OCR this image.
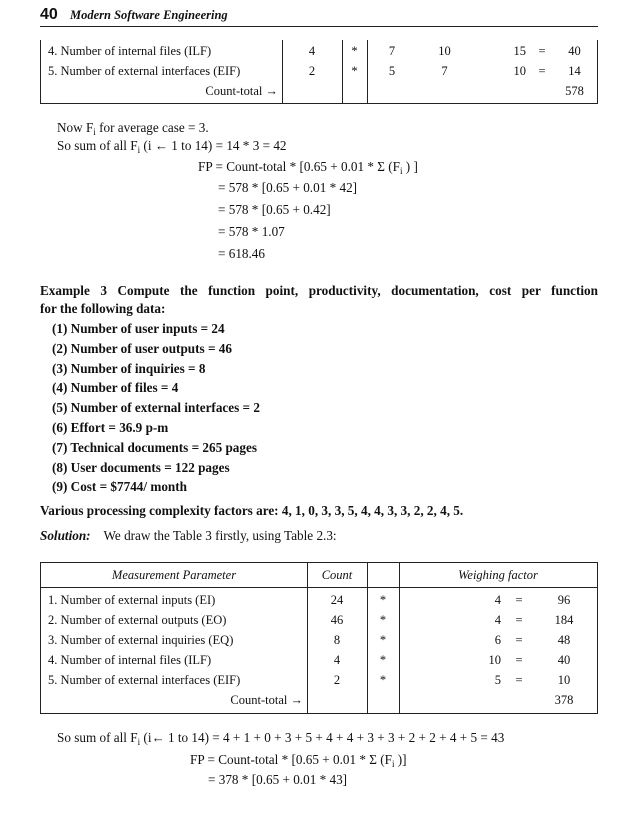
40 Modern Software Engineering
4. Number of internal files (ILF)	4	*	7	10	15	=	40
5. Number of external interfaces (EIF)	2	*	5	7	10	=	14
Count-total →							578
Now $F_i$ for average case = 3.
So sum of all $F_i$ (i ← 1 to 14) = 14 * 3 = 42
FP = Count-total * [0.65 + 0.01 * Σ ($F_i$ ) ]
= 578 * [0.65 + 0.01 * 42]
= 578 * [0.65 + 0.42]
= 578 * 1.07
= 618.46
Example 3 Compute the function point, productivity, documentation, cost per function
for the following data:
(1) Number of user inputs = 24
(2) Number of user outputs = 46
(3) Number of inquiries = 8
(4) Number of files = 4
(5) Number of external interfaces = 2
(6) Effort = 36.9 p-m
(7) Technical documents = 265 pages
(8) User documents = 122 pages
(9) Cost = $7744/ month
Various processing complexity factors are: 4, 1, 0, 3, 3, 5, 4, 4, 3, 3, 2, 2, 4, 5.
Solution: We draw the Table 3 firstly, using Table 2.3:
Measurement Parameter	Count		Weighing factor		

1. Number of external inputs (EI)	24	*	4	=	96
2. Number of external outputs (EO)	46	*	4	=	184
3. Number of external inquiries (EQ)	8	*	6	=	48
4. Number of internal files (ILF)	4	*	10	=	40
5. Number of external interfaces (EIF)	2	*	5	=	10
Count-total →					378
So sum of all $F_i$ (i← 1 to 14) = 4 + 1 + 0 + 3 + 5 + 4 + 4 + 3 + 3 + 2 + 2 + 4 + 5 = 43
FP = Count-total * [0.65 + 0.01 * Σ ($F_i$ )]
= 378 * [0.65 + 0.01 * 43]
